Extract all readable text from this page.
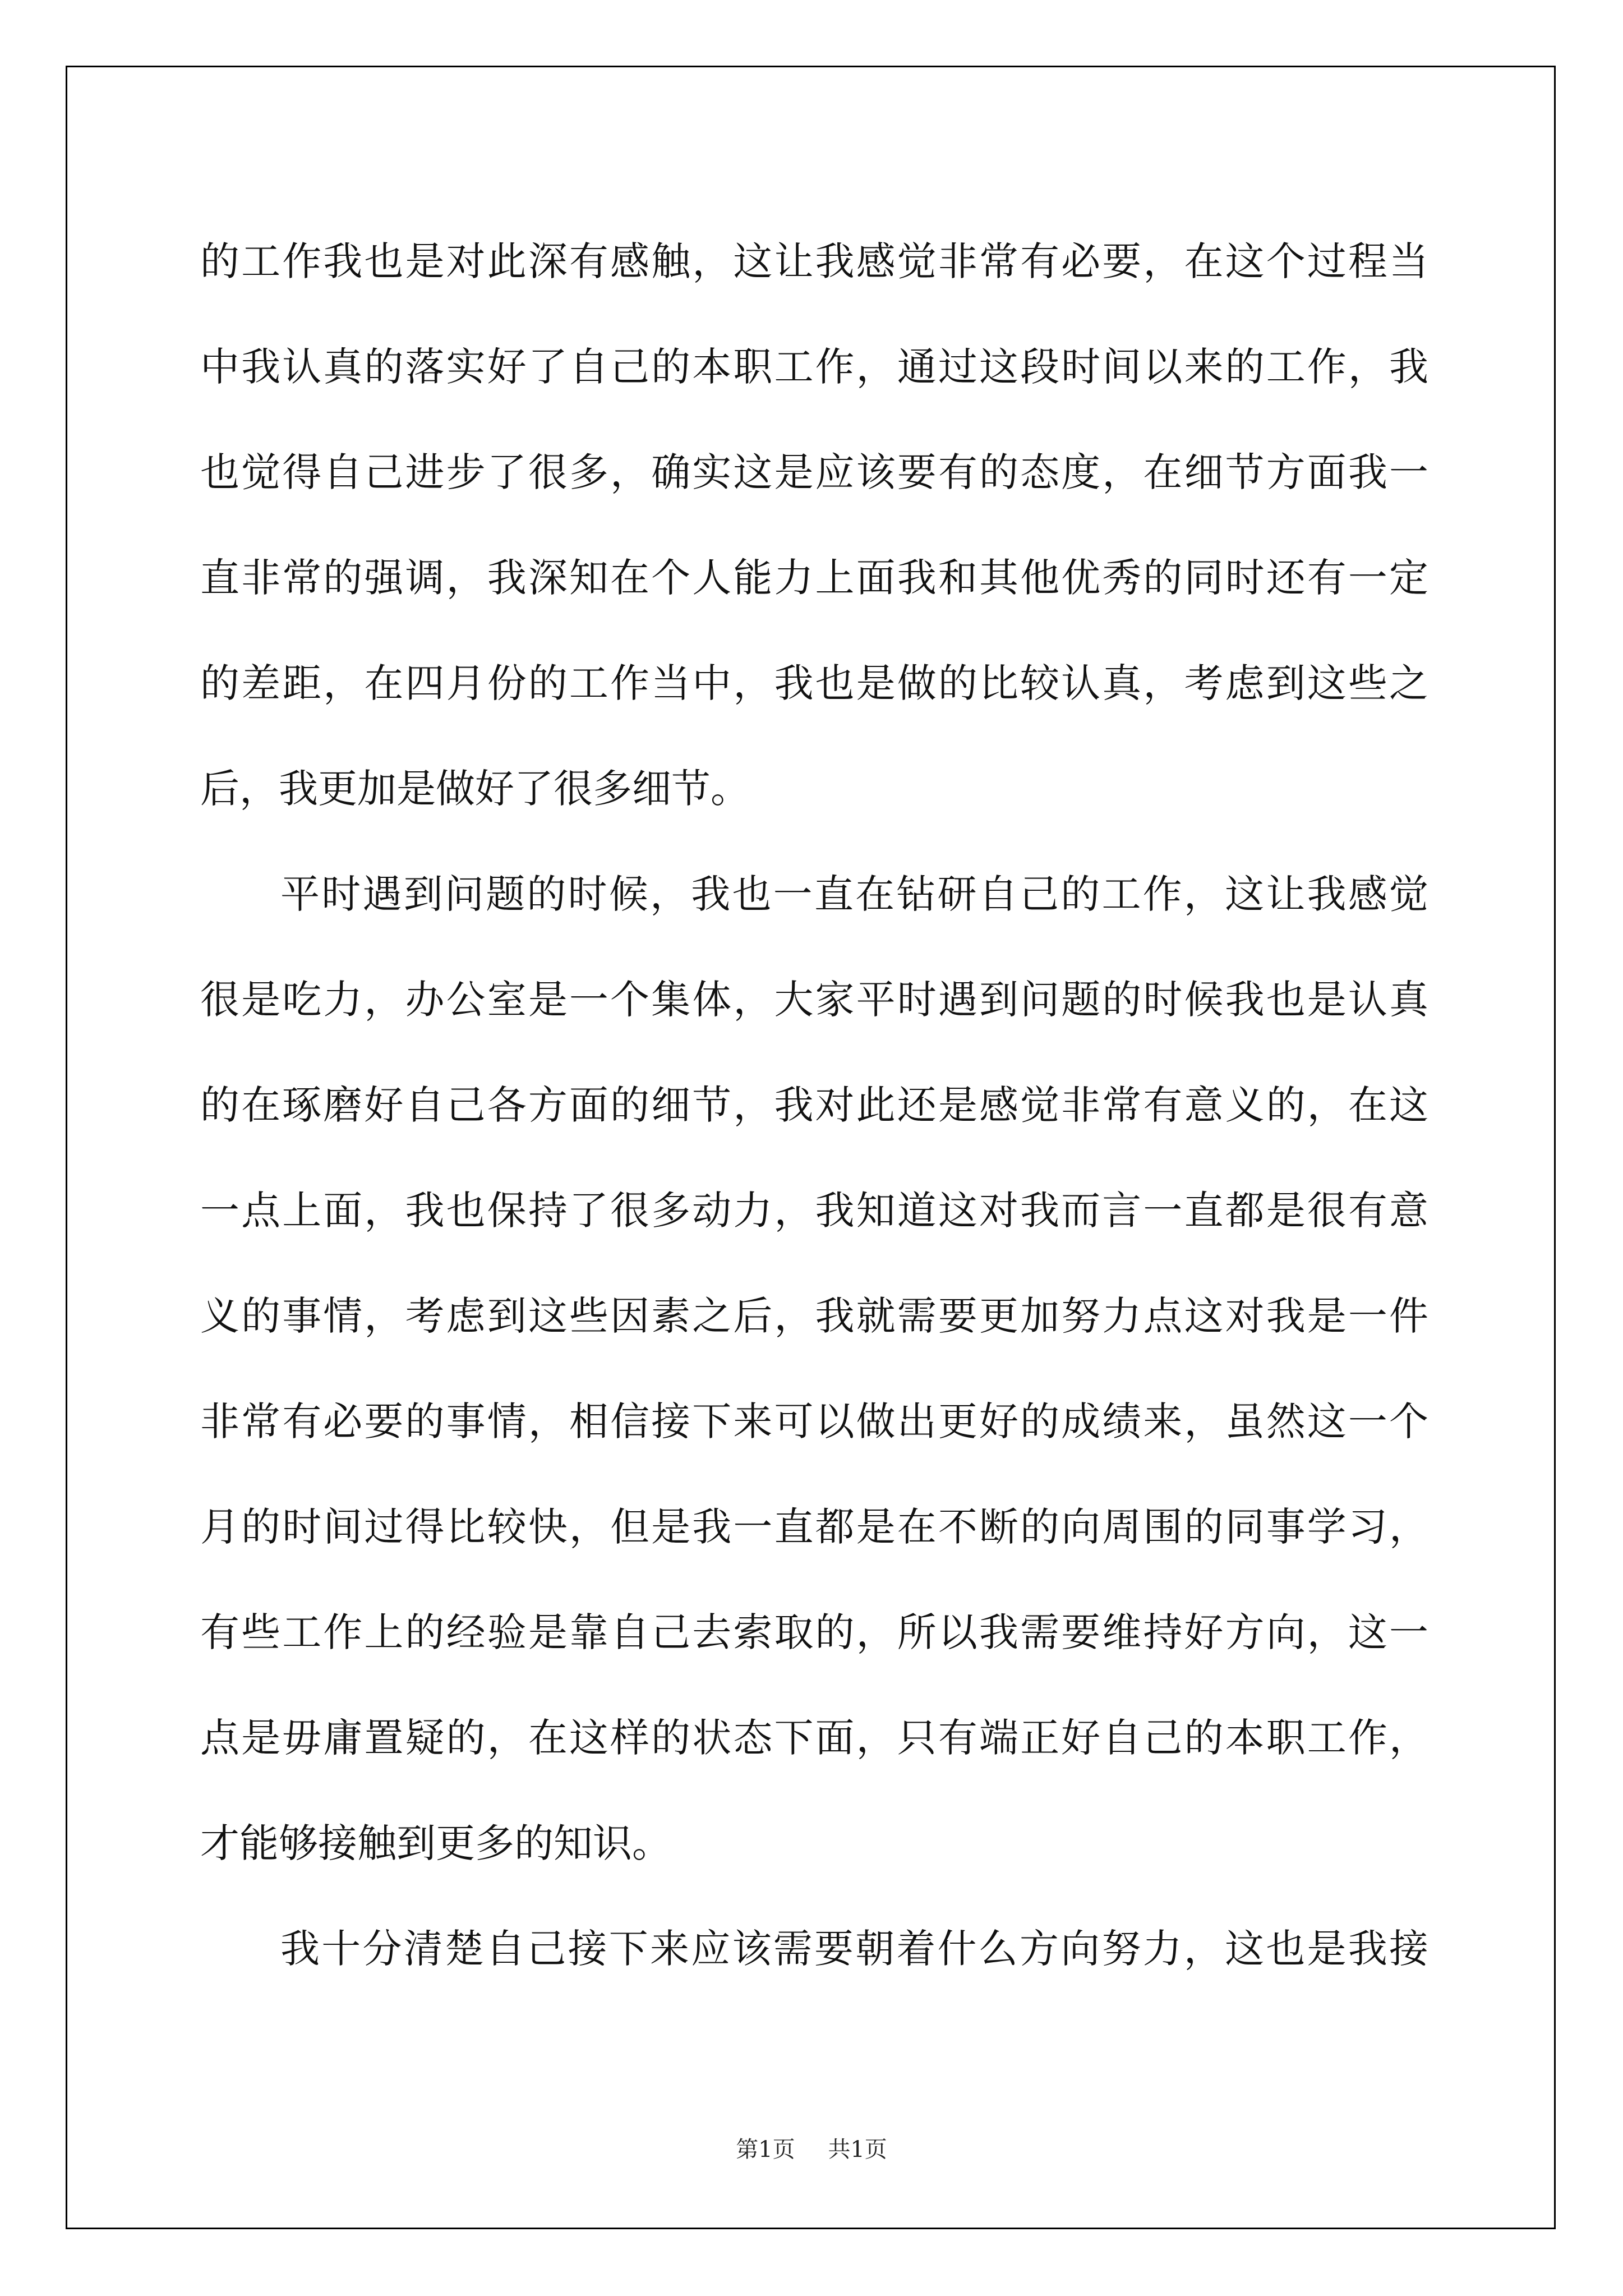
的工作我也是对此深有感触，这让我感觉非常有必要，在这个过程当
中我认真的落实好了自己的本职工作，通过这段时间以来的工作，我
也觉得自己进步了很多，确实这是应该要有的态度，在细节方面我一
直非常的强调，我深知在个人能力上面我和其他优秀的同时还有一定
的差距，在四月份的工作当中，我也是做的比较认真，考虑到这些之
后，我更加是做好了很多细节。
平时遇到问题的时候，我也一直在钻研自己的工作，这让我感觉
很是吃力，办公室是一个集体，大家平时遇到问题的时候我也是认真
的在琢磨好自己各方面的细节，我对此还是感觉非常有意义的，在这
一点上面，我也保持了很多动力，我知道这对我而言一直都是很有意
义的事情，考虑到这些因素之后，我就需要更加努力点这对我是一件
非常有必要的事情，相信接下来可以做出更好的成绩来，虽然这一个
月的时间过得比较快，但是我一直都是在不断的向周围的同事学习，
有些工作上的经验是靠自己去索取的，所以我需要维持好方向，这一
点是毋庸置疑的，在这样的状态下面，只有端正好自己的本职工作，
才能够接触到更多的知识。
我十分清楚自己接下来应该需要朝着什么方向努力，这也是我接
第1页 共1页
